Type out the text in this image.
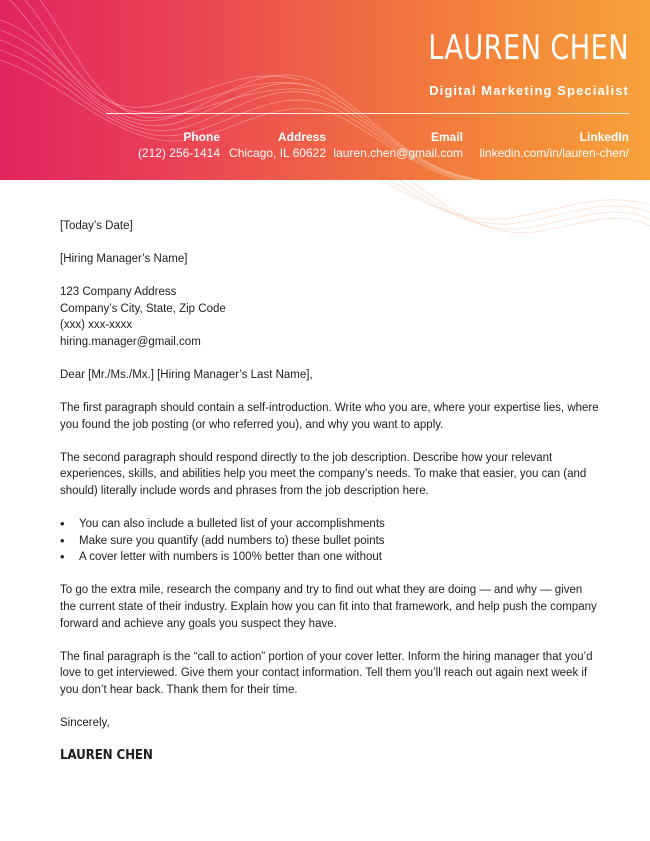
LAUREN CHEN
Digital Marketing Specialist
Phone
(212) 256-1414
Address
Chicago, IL 60622
Email
lauren.chen@gmail.com
LinkedIn
linkedin.com/in/lauren-chen/

[Today’s Date]

[Hiring Manager’s Name]

123 Company Address
Company’s City, State, Zip Code
(xxx) xxx-xxxx
hiring.manager@gmail.com

Dear [Mr./Ms./Mx.] [Hiring Manager’s Last Name],

The first paragraph should contain a self-introduction. Write who you are, where your expertise lies, where you found the job posting (or who referred you), and why you want to apply.

The second paragraph should respond directly to the job description. Describe how your relevant experiences, skills, and abilities help you meet the company’s needs. To make that easier, you can (and should) literally include words and phrases from the job description here.

• You can also include a bulleted list of your accomplishments
• Make sure you quantify (add numbers to) these bullet points
• A cover letter with numbers is 100% better than one without

To go the extra mile, research the company and try to find out what they are doing — and why — given the current state of their industry. Explain how you can fit into that framework, and help push the company forward and achieve any goals you suspect they have.

The final paragraph is the “call to action” portion of your cover letter. Inform the hiring manager that you’d love to get interviewed. Give them your contact information. Tell them you’ll reach out again next week if you don’t hear back. Thank them for their time.

Sincerely,

LAUREN CHEN
